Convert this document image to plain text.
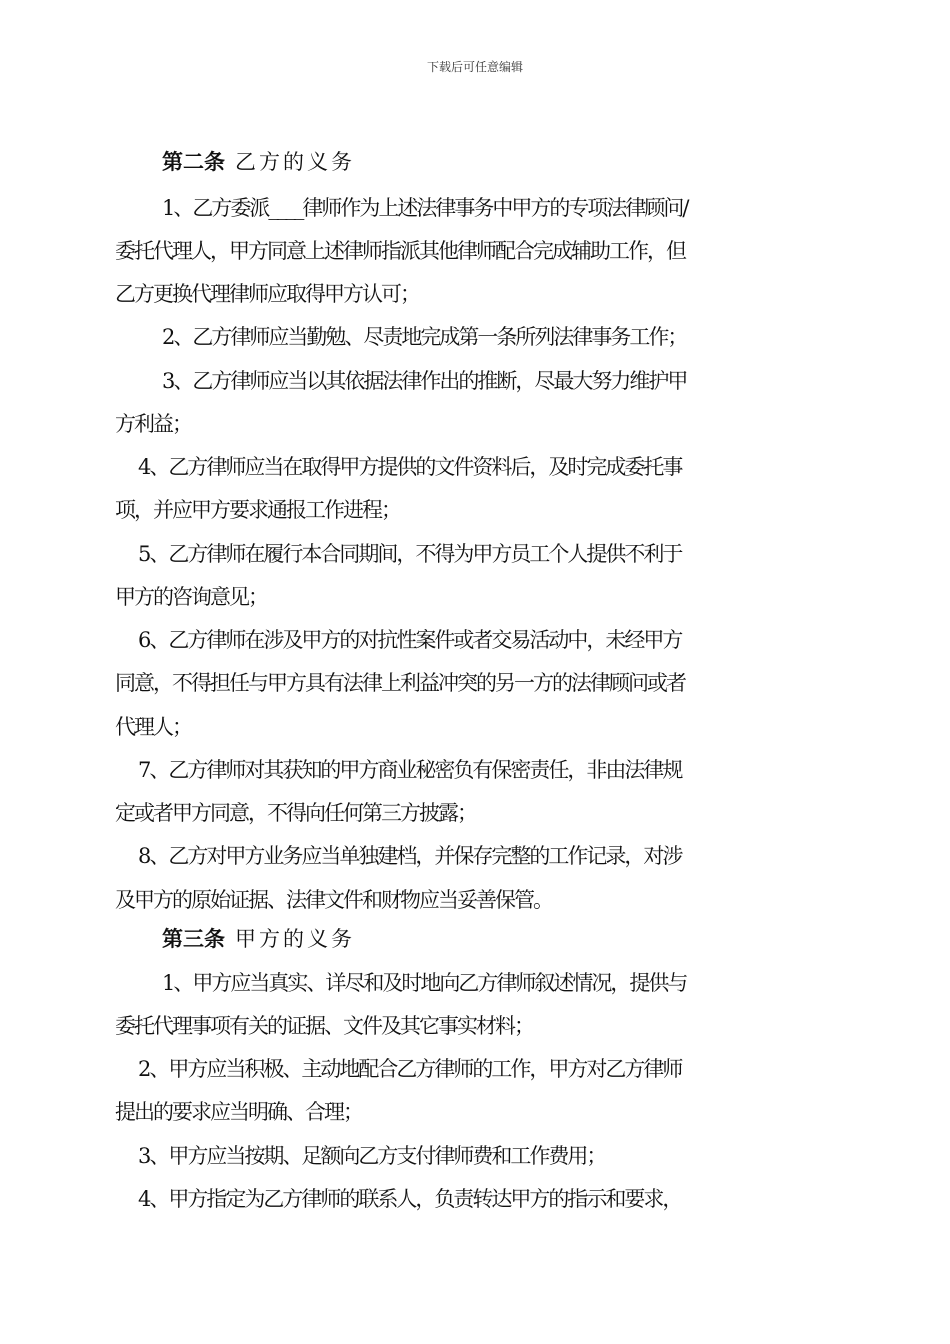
下载后可任意编辑
第二条 乙方的义务
1、乙方委派____律师作为上述法律事务中甲方的专项法律顾问/
委托代理人，甲方同意上述律师指派其他律师配合完成辅助工作，但
乙方更换代理律师应取得甲方认可；
2、乙方律师应当勤勉、尽责地完成第一条所列法律事务工作；
3、乙方律师应当以其依据法律作出的推断，尽最大努力维护甲
方利益；
4、乙方律师应当在取得甲方提供的文件资料后，及时完成委托事
项，并应甲方要求通报工作进程；
5、乙方律师在履行本合同期间，不得为甲方员工个人提供不利于
甲方的咨询意见；
6、乙方律师在涉及甲方的对抗性案件或者交易活动中，未经甲方
同意，不得担任与甲方具有法律上利益冲突的另一方的法律顾问或者
代理人；
7、乙方律师对其获知的甲方商业秘密负有保密责任，非由法律规
定或者甲方同意，不得向任何第三方披露；
8、乙方对甲方业务应当单独建档，并保存完整的工作记录，对涉
及甲方的原始证据、法律文件和财物应当妥善保管。
第三条 甲方的义务
1、甲方应当真实、详尽和及时地向乙方律师叙述情况，提供与
委托代理事项有关的证据、文件及其它事实材料；
2、甲方应当积极、主动地配合乙方律师的工作，甲方对乙方律师
提出的要求应当明确、合理；
3、甲方应当按期、足额向乙方支付律师费和工作费用；
4、甲方指定为乙方律师的联系人，负责转达甲方的指示和要求，
